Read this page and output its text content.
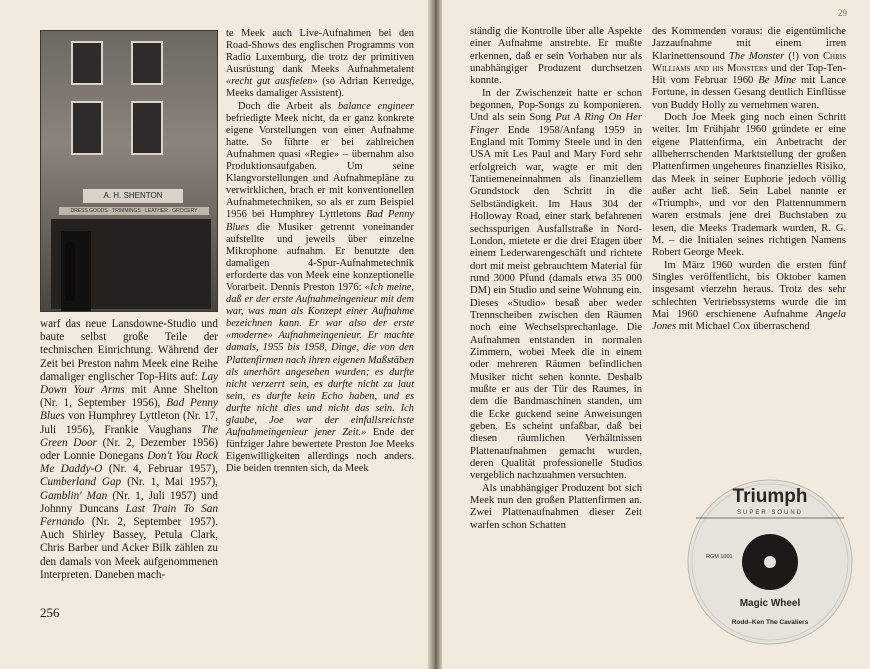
A. H. SHENTON
DRESS GOODS · TRIMMINGS · LEATHER · GROCERY

warf das neue Lansdowne-Studio und baute selbst große Teile der technischen Einrichtung. Während der Zeit bei Preston nahm Meek eine Reihe damaliger englischer Top-Hits auf: Lay Down Your Arms mit Anne Shelton (Nr. 1, September 1956), Bad Penny Blues von Humphrey Lyttleton (Nr. 17, Juli 1956), Frankie Vaughans The Green Door (Nr. 2, Dezember 1956) oder Lonnie Donegans Don't You Rock Me Daddy-O (Nr. 4, Februar 1957), Cumberland Gap (Nr. 1, Mai 1957), Gamblin' Man (Nr. 1, Juli 1957) und Johnny Duncans Last Train To San Fernando (Nr. 2, September 1957). Auch Shirley Bassey, Petula Clark, Chris Barber und Acker Bilk zählen zu den damals von Meek aufgenommenen Interpreten. Daneben mach-

te Meek auch Live-Aufnahmen bei den Road-Shows des englischen Programms von Radio Luxemburg, die trotz der primitiven Ausrüstung dank Meeks Aufnahmetalent «recht gut ausfielen» (so Adrian Kerredge, Meeks damaliger Assistent).

Doch die Arbeit als balance engineer befriedigte Meek nicht, da er ganz konkrete eigene Vorstellungen von einer Aufnahme hatte. So führte er bei zahlreichen Aufnahmen quasi «Regie» – übernahm also Produktionsaufgaben. Um seine Klangvorstellungen und Aufnahmepläne zu verwirklichen, brach er mit konventionellen Aufnahmetechniken, so als er zum Beispiel 1956 bei Humphrey Lyttletons Bad Penny Blues die Musiker getrennt voneinander aufstellte und jeweils über einzelne Mikrophone aufnahm. Er benutzte den damaligen 4-Spur-Aufnahmetechnik erforderte das von Meek eine konzeptionelle Vorarbeit. Dennis Preston 1976: «Ich meine, daß er der erste Aufnahmeingenieur mit dem war, was man als Konzept einer Aufnahme bezeichnen kann. Er war also der erste «moderne» Aufnahmeingenieur. Er machte damals, 1955 bis 1958, Dinge, die von den Plattenfirmen nach ihren eigenen Maßstäben als unerhört angesehen wurden; es durfte nicht verzerrt sein, es durfte nicht zu laut sein, es durfte kein Echo haben, und es durfte nicht dies und nicht das sein. Ich glaube, Joe war der einfallsreichste Aufnahmeingenieur jener Zeit.» Ende der fünfziger Jahre bewertete Preston Joe Meeks Eigenwilligkeiten allerdings noch anders. Die beiden trennten sich, da Meek

256
29

ständig die Kontrolle über alle Aspekte einer Aufnahme anstrebte. Er mußte erkennen, daß er sein Vorhaben nur als unabhängiger Produzent durchsetzen konnte.

In der Zwischenzeit hatte er schon begonnen, Pop-Songs zu komponieren. Und als sein Song Put A Ring On Her Finger Ende 1958/Anfang 1959 in England mit Tommy Steele und in den USA mit Les Paul and Mary Ford sehr erfolgreich war, wagte er mit den Tantiemeneinnahmen als finanziellem Grundstock den Schritt in die Selbständigkeit. Im Haus 304 der Holloway Road, einer stark befahrenen sechsspurigen Ausfallstraße in Nord-London, mietete er die drei Etagen über einem Lederwarengeschäft und richtete dort mit meist gebrauchtem Material für rund 3000 Pfund (damals etwa 35 000 DM) ein Studio und seine Wohnung ein. Dieses «Studio» besaß aber weder Trennscheiben zwischen den Räumen noch eine Wechselsprechanlage. Die Aufnahmen entstanden in normalen Zimmern, wobei Meek die in einem oder mehreren Räumen befindlichen Musiker nicht sehen konnte. Deshalb mußte er aus der Tür des Raumes, in dem die Bandmaschinen standen, um die Ecke guckend seine Anweisungen geben. Es scheint unfaßbar, daß bei diesen räumlichen Verhältnissen Plattenaufnahmen gemacht wurden, deren Qualität professionelle Studios vergeblich nachzuahmen versuchten.

Als unabhängiger Produzent bot sich Meek nun den großen Plattenfirmen an. Zwei Plattenaufnahmen dieser Zeit warfen schon Schatten

des Kommenden voraus: die eigentümliche Jazzaufnahme mit einem irren Klarinettensound The Monster (!) von Chris Williams and his Monsters und der Top-Ten-Hit vom Februar 1960 Be Mine mit Lance Fortune, in dessen Gesang deutlich Einflüsse von Buddy Holly zu vernehmen waren.

Doch Joe Meek ging noch einen Schritt weiter. Im Frühjahr 1960 gründete er eine eigene Plattenfirma, ein Anbetracht der allbeherrschenden Marktstellung der großen Plattenfirmen ungeheures finanzielles Risiko, das Meek in seiner Euphorie jedoch völlig außer acht ließ. Sein Label nannte er «Triumph», und vor den Plattennummern waren erstmals jene drei Buchstaben zu lesen, die Meeks Trademark wurden, R. G. M. – die Initialen seines richtigen Namens Robert George Meek.

Im März 1960 wurden die ersten fünf Singles veröffentlicht, bis Oktober kamen insgesamt vierzehn heraus. Trotz des sehr schlechten Vertriebssystems wurde die im Mai 1960 erschienene Aufnahme Angela Jones mit Michael Cox überraschend

Triumph
SUPER SOUND
RGM 1001
Magic Wheel
Rodd–Ken The Cavaliers
